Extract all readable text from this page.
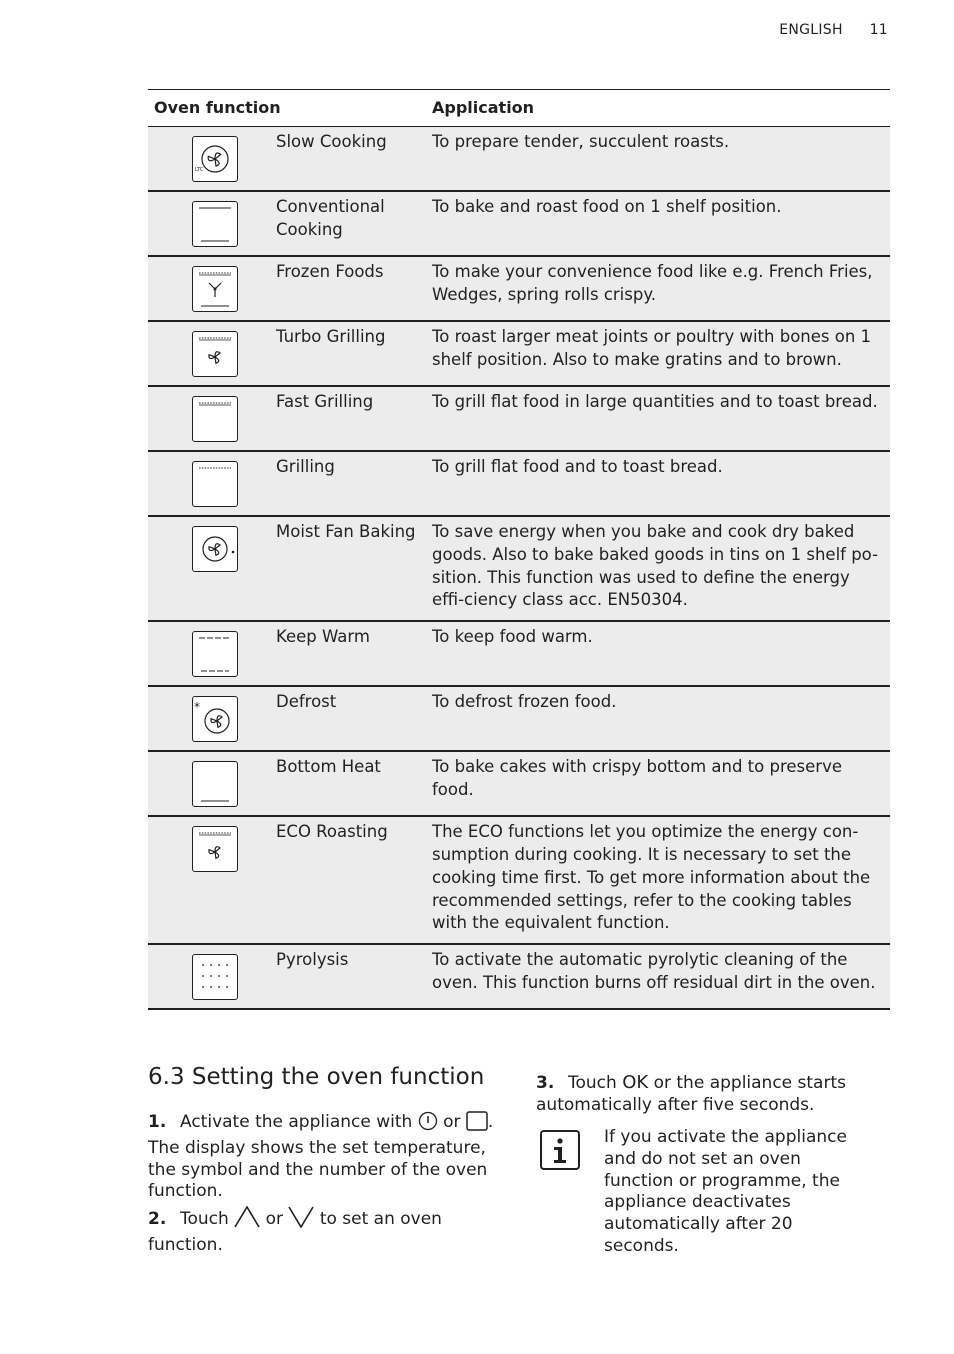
ENGLISH 11
Oven function		Application

LTC	Slow Cooking	To prepare tender, succulent roasts.

	Conventional Cooking	To bake and roast food on 1 shelf position.

	Frozen Foods	To make your convenience food like e.g. French Fries, Wedges, spring rolls crispy.

	Turbo Grilling	To roast larger meat joints or poultry with bones on 1 shelf position. Also to make gratins and to brown.

	Fast Grilling	To grill flat food in large quantities and to toast bread.

	Grilling	To grill flat food and to toast bread.

	Moist Fan Baking	To save energy when you bake and cook dry baked goods. Also to bake baked goods in tins on 1 shelf po-sition. This function was used to define the energy effi-ciency class acc. EN50304.

	Keep Warm	To keep food warm.

*	Defrost	To defrost frozen food.

	Bottom Heat	To bake cakes with crispy bottom and to preserve food.

	ECO Roasting	The ECO functions let you optimize the energy con-sumption during cooking. It is necessary to set the cooking time first. To get more information about the recommended settings, refer to the cooking tables with the equivalent function.

	Pyrolysis	To activate the automatic pyrolytic cleaning of the oven. This function burns off residual dirt in the oven.
6.3 Setting the oven function
1. Activate the appliance with or . The display shows the set temperature, the symbol and the number of the oven function.
2. Touch or to set an oven function.
3. Touch OK or the appliance starts automatically after five seconds.
If you activate the appliance and do not set an oven function or programme, the appliance deactivates automatically after 20 seconds.
